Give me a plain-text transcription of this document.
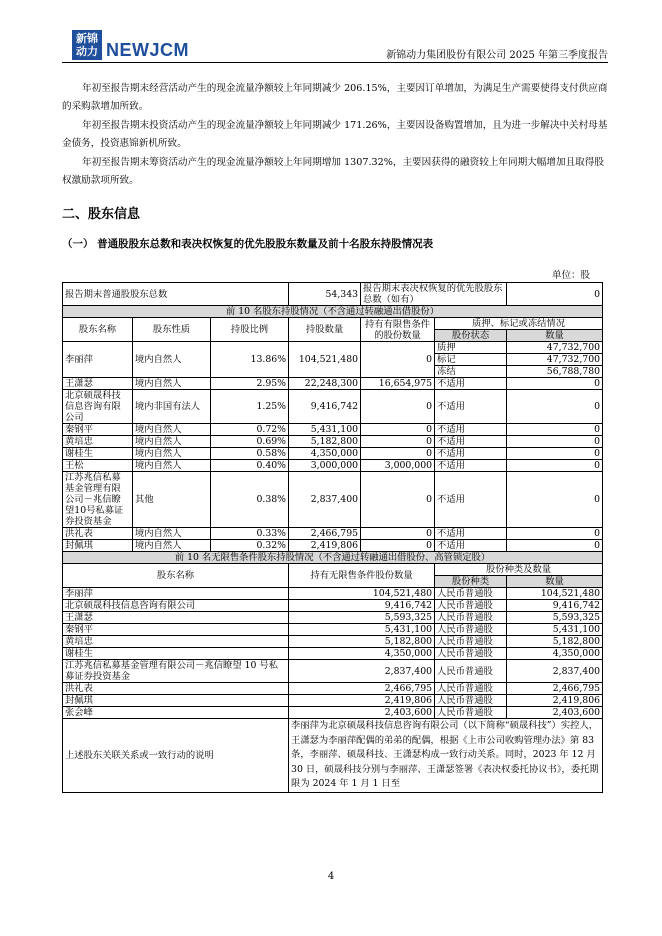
新锦动力 NEWJCM	新锦动力集团股份有限公司 2025 年第三季度报告

年初至报告期末经营活动产生的现金流量净额较上年同期减少 206.15%，主要因订单增加，为满足生产需要使得支付供应商的采购款增加所致。

年初至报告期末投资活动产生的现金流量净额较上年同期减少 171.26%，主要因设备购置增加，且为进一步解决中关村母基金债务，投资惠锦新机所致。

年初至报告期末筹资活动产生的现金流量净额较上年同期增加 1307.32%，主要因获得的融资较上年同期大幅增加且取得股权激励款项所致。

二、股东信息
（一） 普通股股东总数和表决权恢复的优先股股东数量及前十名股东持股情况表
单位：股
报告期末普通股股东总数			54,343	报告期末表决权恢复的优先股股东总数（如有）		0
前 10 名股东持股情况（不含通过转融通出借股份）						
股东名称	股东性质	持股比例	持股数量	持有有限售条件的股份数量	质押、标记或冻结情况	
					股份状态	数量
李丽萍	境内自然人	13.86%	104,521,480	0	质押	47,732,700
					标记	47,732,700
					冻结	56,788,780
王潇瑟	境内自然人	2.95%	22,248,300	16,654,975	不适用	0
北京硕晟科技信息咨询有限公司	境内非国有法人	1.25%	9,416,742	0	不适用	0
秦钢平	境内自然人	0.72%	5,431,100	0	不适用	0
黄培忠	境内自然人	0.69%	5,182,800	0	不适用	0
谢桂生	境内自然人	0.58%	4,350,000	0	不适用	0
王松	境内自然人	0.40%	3,000,000	3,000,000	不适用	0
江苏兆信私募基金管理有限公司－兆信瞭望10号私募证券投资基金	其他	0.38%	2,837,400	0	不适用	0
洪礼表	境内自然人	0.33%	2,466,795	0	不适用	0
封佩琪	境内自然人	0.32%	2,419,806	0	不适用	0
前 10 名无限售条件股东持股情况（不含通过转融通出借股份、高管锁定股）						
股东名称			持有无限售条件股份数量		股份种类及数量	
					股份种类	数量
李丽萍			104,521,480		人民币普通股	104,521,480
北京硕晟科技信息咨询有限公司			9,416,742		人民币普通股	9,416,742
王潇瑟			5,593,325		人民币普通股	5,593,325
秦钢平			5,431,100		人民币普通股	5,431,100
黄培忠			5,182,800		人民币普通股	5,182,800
谢桂生			4,350,000		人民币普通股	4,350,000
江苏兆信私募基金管理有限公司－兆信瞭望 10 号私募证券投资基金			2,837,400		人民币普通股	2,837,400
洪礼表			2,466,795		人民币普通股	2,466,795
封佩琪			2,419,806		人民币普通股	2,419,806
张会峰			2,403,600		人民币普通股	2,403,600
上述股东关联关系或一致行动的说明			李丽萍为北京硕晟科技信息咨询有限公司（以下简称“硕晟科技”）实控人，王潇瑟为李丽萍配偶的弟弟的配偶，根据《上市公司收购管理办法》第 83 条，李丽萍、硕晟科技、王潇瑟构成一致行动关系。同时，2023 年 12 月 30 日，硕晟科技分别与李丽萍、王潇瑟签署《表决权委托协议书》，委托期限为 2024 年 1 月 1 日至			
4
